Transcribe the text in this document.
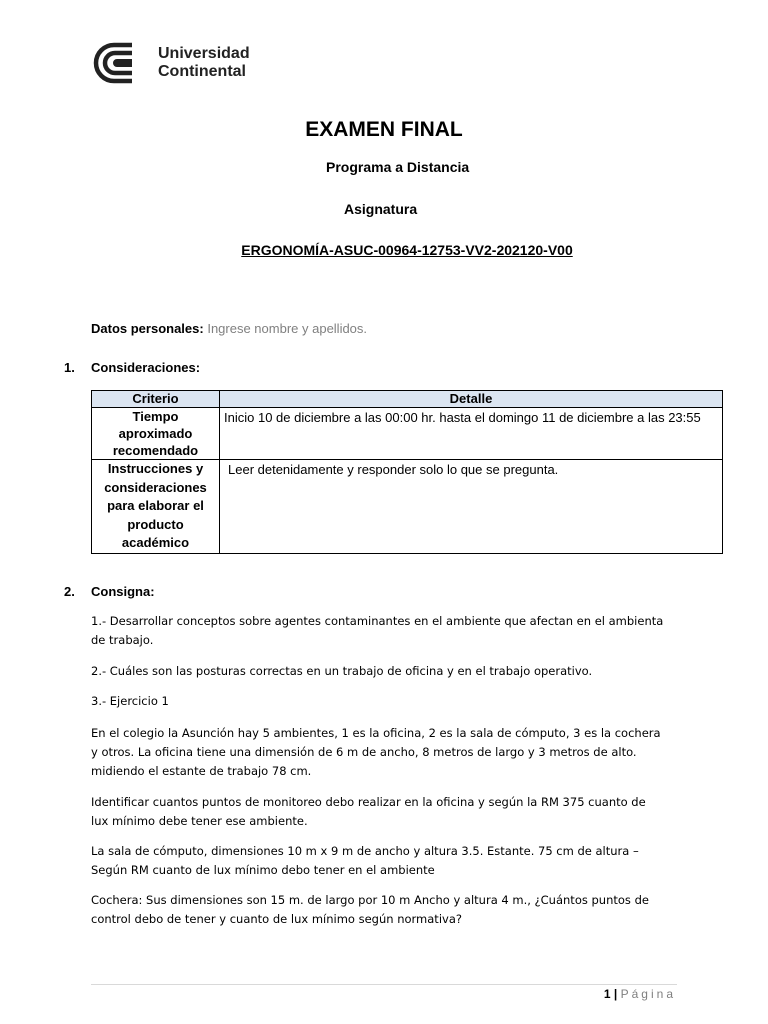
Universidad
Continental
EXAMEN FINAL
Programa a Distancia
Asignatura
ERGONOMÍA-ASUC-00964-12753-VV2-202120-V00
Datos personales: Ingrese nombre y apellidos.
1. Consideraciones:
Criterio	Detalle
Tiempo aproximado recomendado	Inicio 10 de diciembre a las 00:00 hr. hasta el domingo 11 de diciembre a las 23:55
Instrucciones y consideraciones para elaborar el producto académico	Leer detenidamente y responder solo lo que se pregunta.
2. Consigna:
1.- Desarrollar conceptos sobre agentes contaminantes en el ambiente que afectan en el ambienta de trabajo.
2.- Cuáles son las posturas correctas en un trabajo de oficina y en el trabajo operativo.
3.- Ejercicio 1
En el colegio la Asunción hay 5 ambientes, 1 es la oficina, 2 es la sala de cómputo, 3 es la cochera y otros. La oficina tiene una dimensión de 6 m de ancho, 8 metros de largo y 3 metros de alto. midiendo el estante de trabajo 78 cm.
Identificar cuantos puntos de monitoreo debo realizar en la oficina y según la RM 375 cuanto de lux mínimo debe tener ese ambiente.
La sala de cómputo, dimensiones 10 m x 9 m de ancho y altura 3.5. Estante. 75 cm de altura – Según RM cuanto de lux mínimo debo tener en el ambiente
Cochera: Sus dimensiones son 15 m. de largo por 10 m Ancho y altura 4 m., ¿Cuántos puntos de control debo de tener y cuanto de lux mínimo según normativa?
1 | Página
